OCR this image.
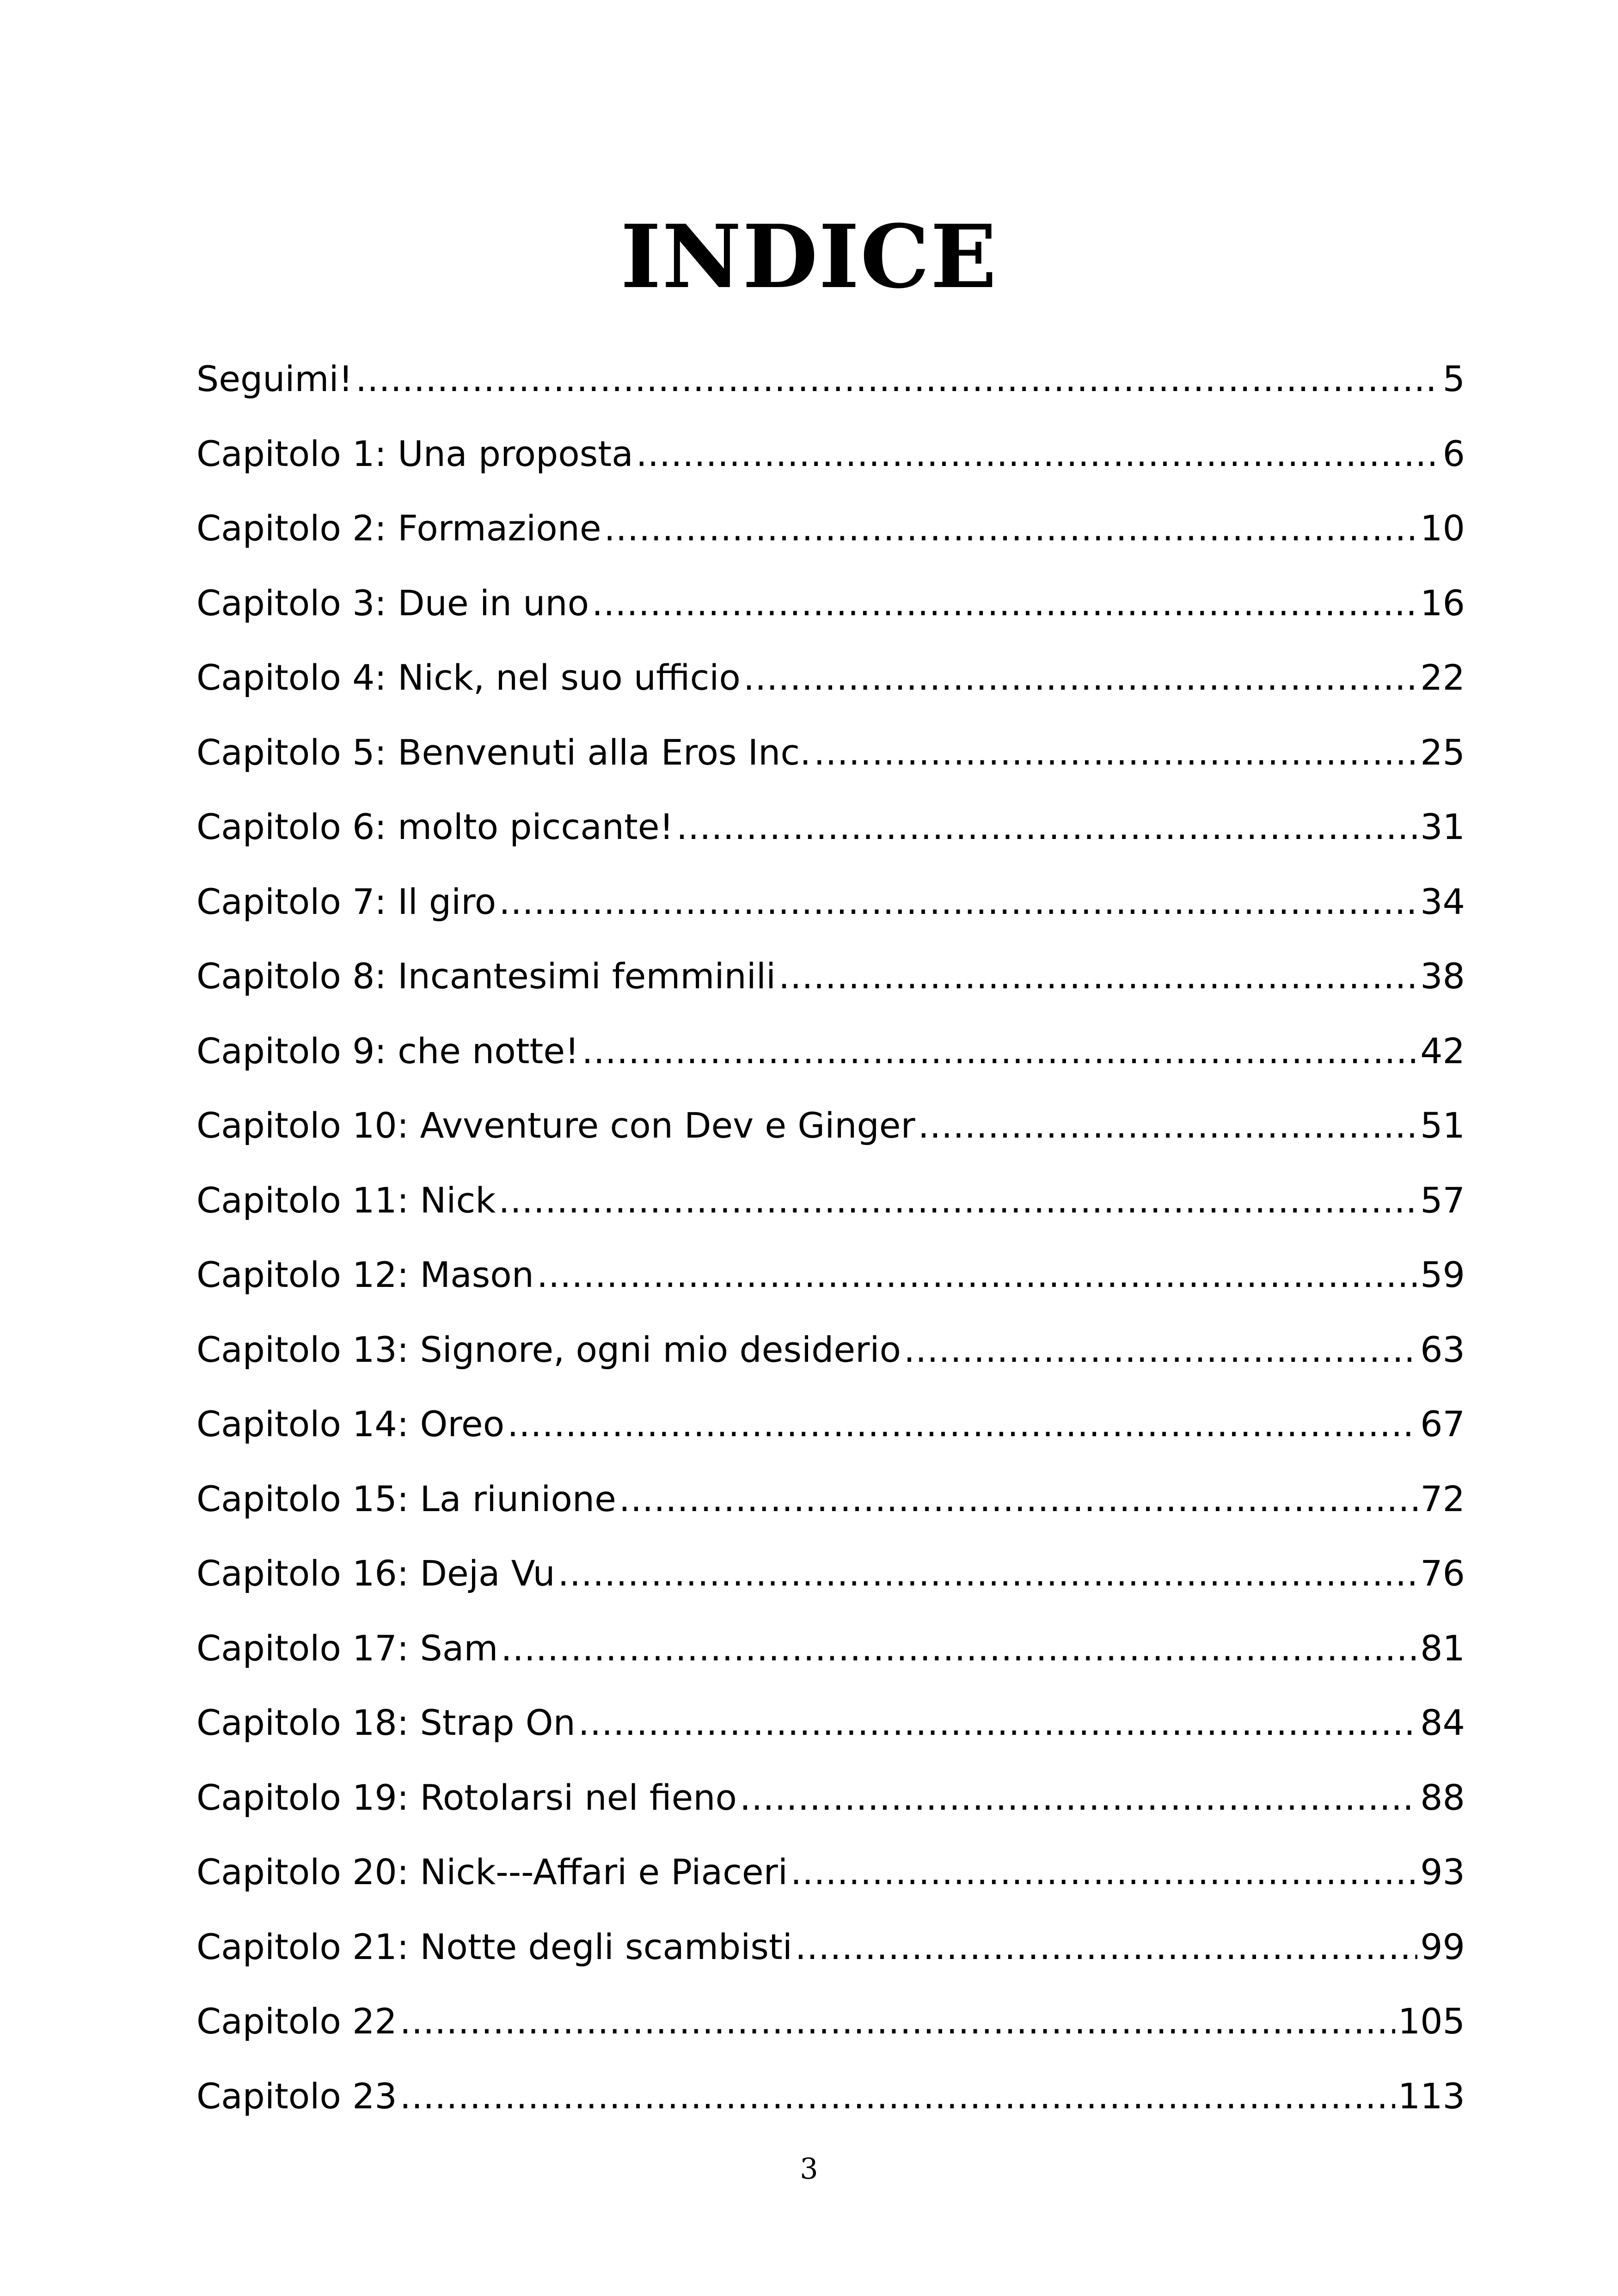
INDICE
Seguimi! .....	5
Capitolo 1: Una proposta .....	6
Capitolo 2: Formazione .....	10
Capitolo 3: Due in uno .....	16
Capitolo 4: Nick, nel suo ufficio .....	22
Capitolo 5: Benvenuti alla Eros Inc. .....	25
Capitolo 6: molto piccante! .....	31
Capitolo 7: Il giro .....	34
Capitolo 8: Incantesimi femminili .....	38
Capitolo 9: che notte! .....	42
Capitolo 10: Avventure con Dev e Ginger .....	51
Capitolo 11: Nick .....	57
Capitolo 12: Mason .....	59
Capitolo 13: Signore, ogni mio desiderio .....	63
Capitolo 14: Oreo .....	67
Capitolo 15: La riunione .....	72
Capitolo 16: Deja Vu .....	76
Capitolo 17: Sam .....	81
Capitolo 18: Strap On .....	84
Capitolo 19: Rotolarsi nel fieno .....	88
Capitolo 20: Nick---Affari e Piaceri .....	93
Capitolo 21: Notte degli scambisti .....	99
Capitolo 22 .....	105
Capitolo 23 .....	113
3
